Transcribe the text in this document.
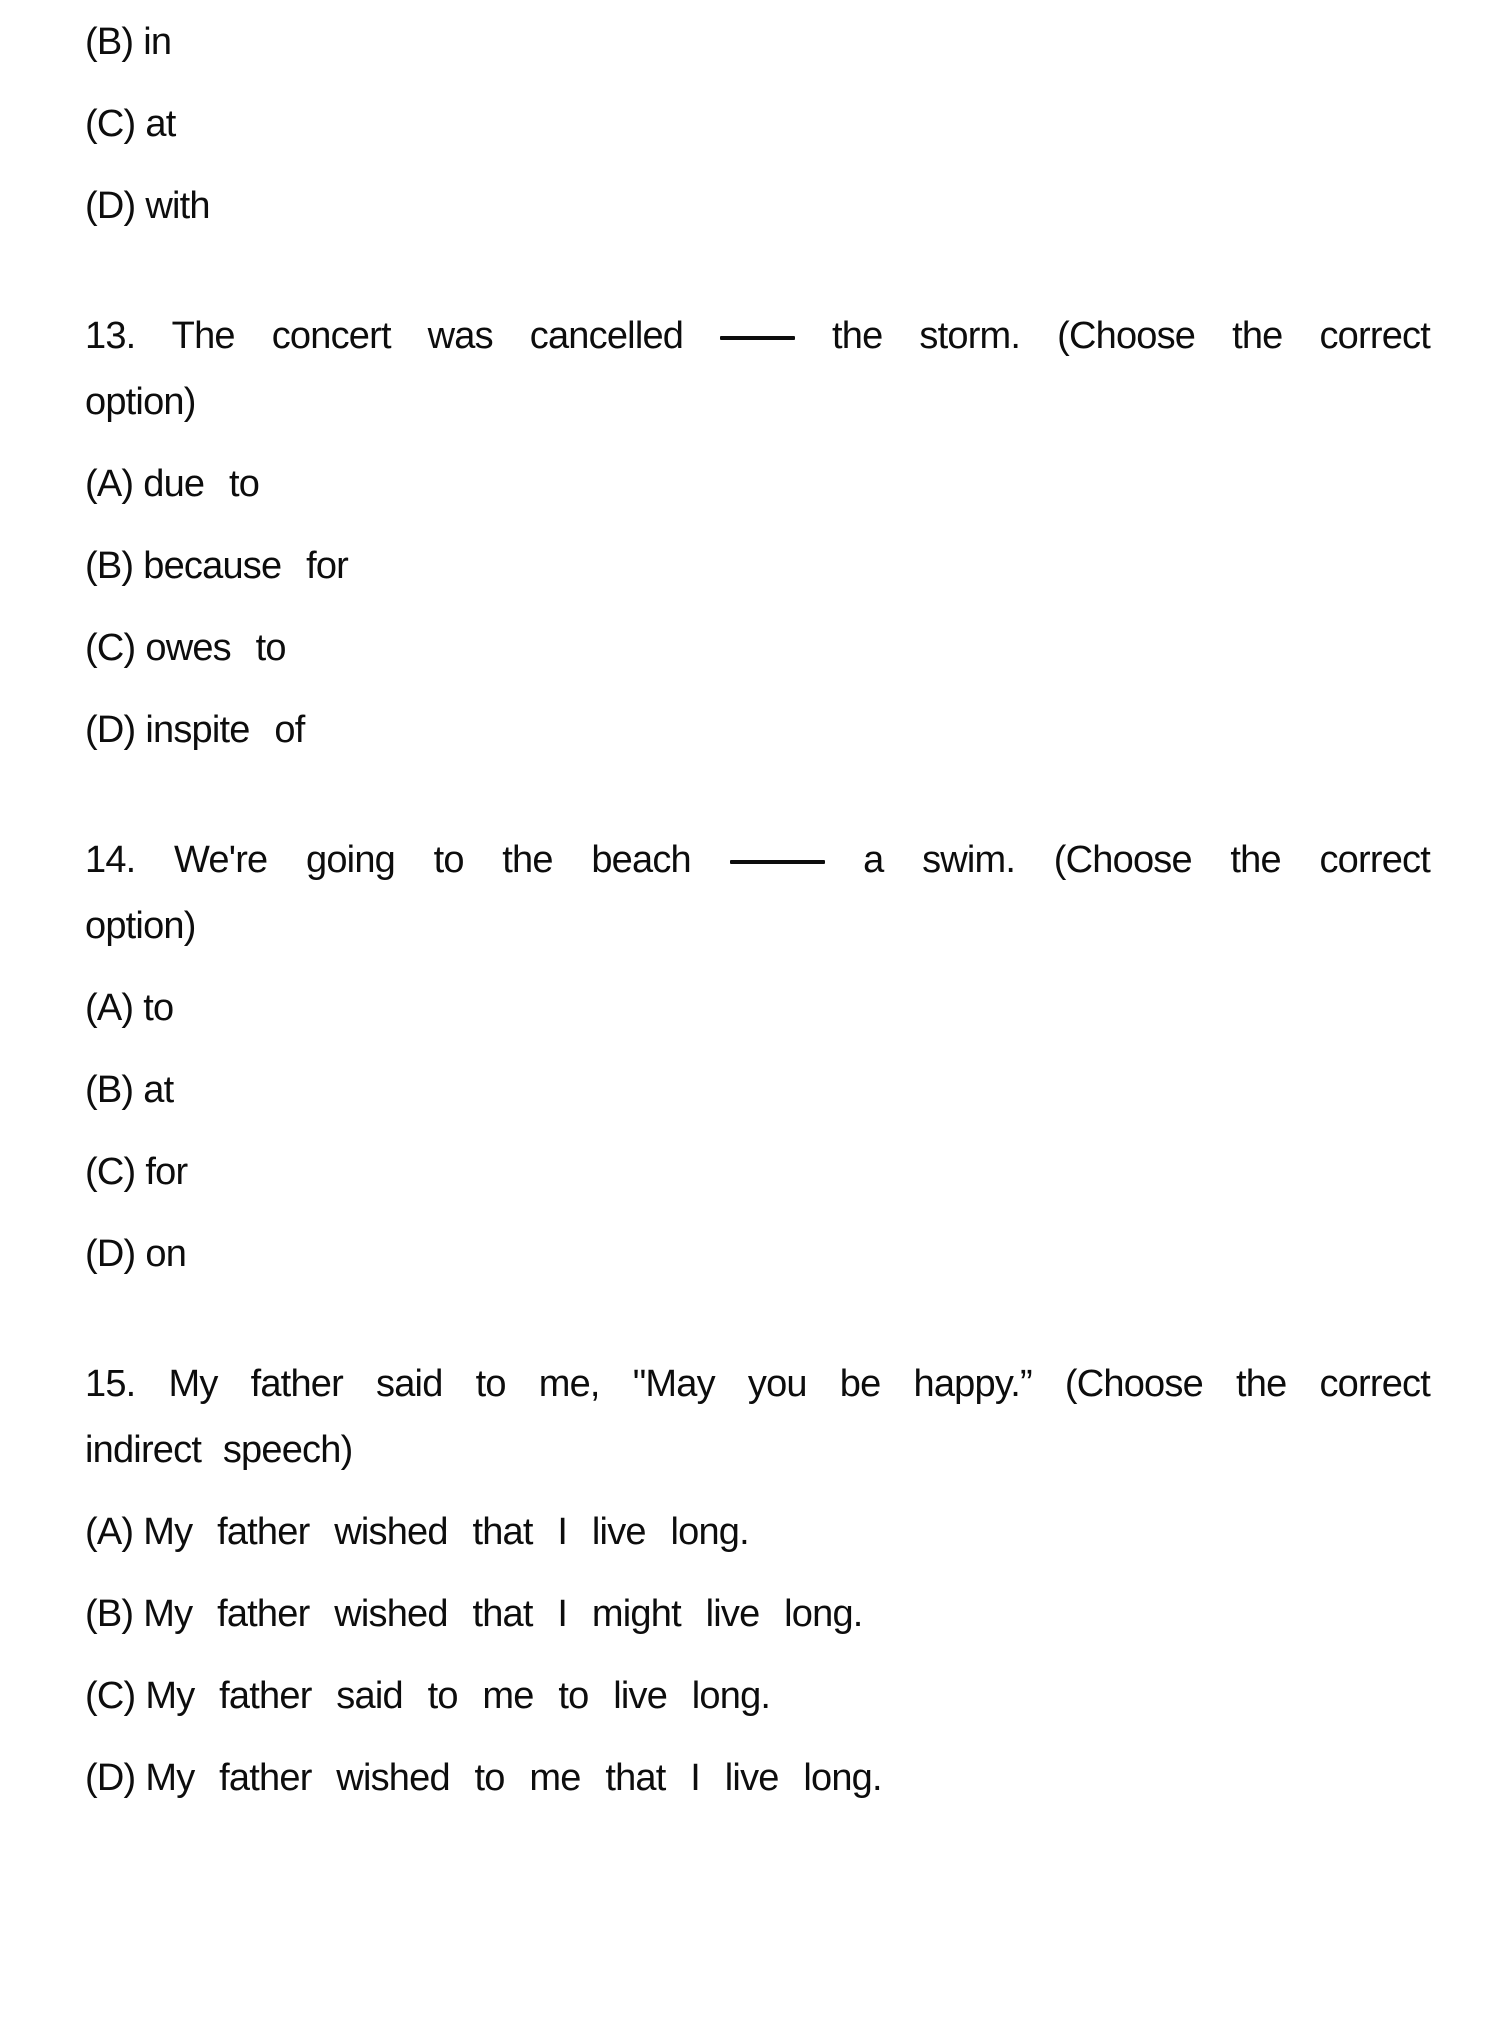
(B) in

(C) at

(D) with

13. The concert was cancelled	the storm. (Choose the correct
option)

(A) due to

(B) because for

(C) owes to

(D) inspite of

14. We're going to the beach	a swim. (Choose the correct
option)

(A) to

(B) at

(C) for

(D) on

15. My father said to me, "May you be happy.” (Choose the correct
indirect speech)

(A) My father wished that I live long.

(B) My father wished that I might live long.

(C) My father said to me to live long.

(D) My father wished to me that I live long.
